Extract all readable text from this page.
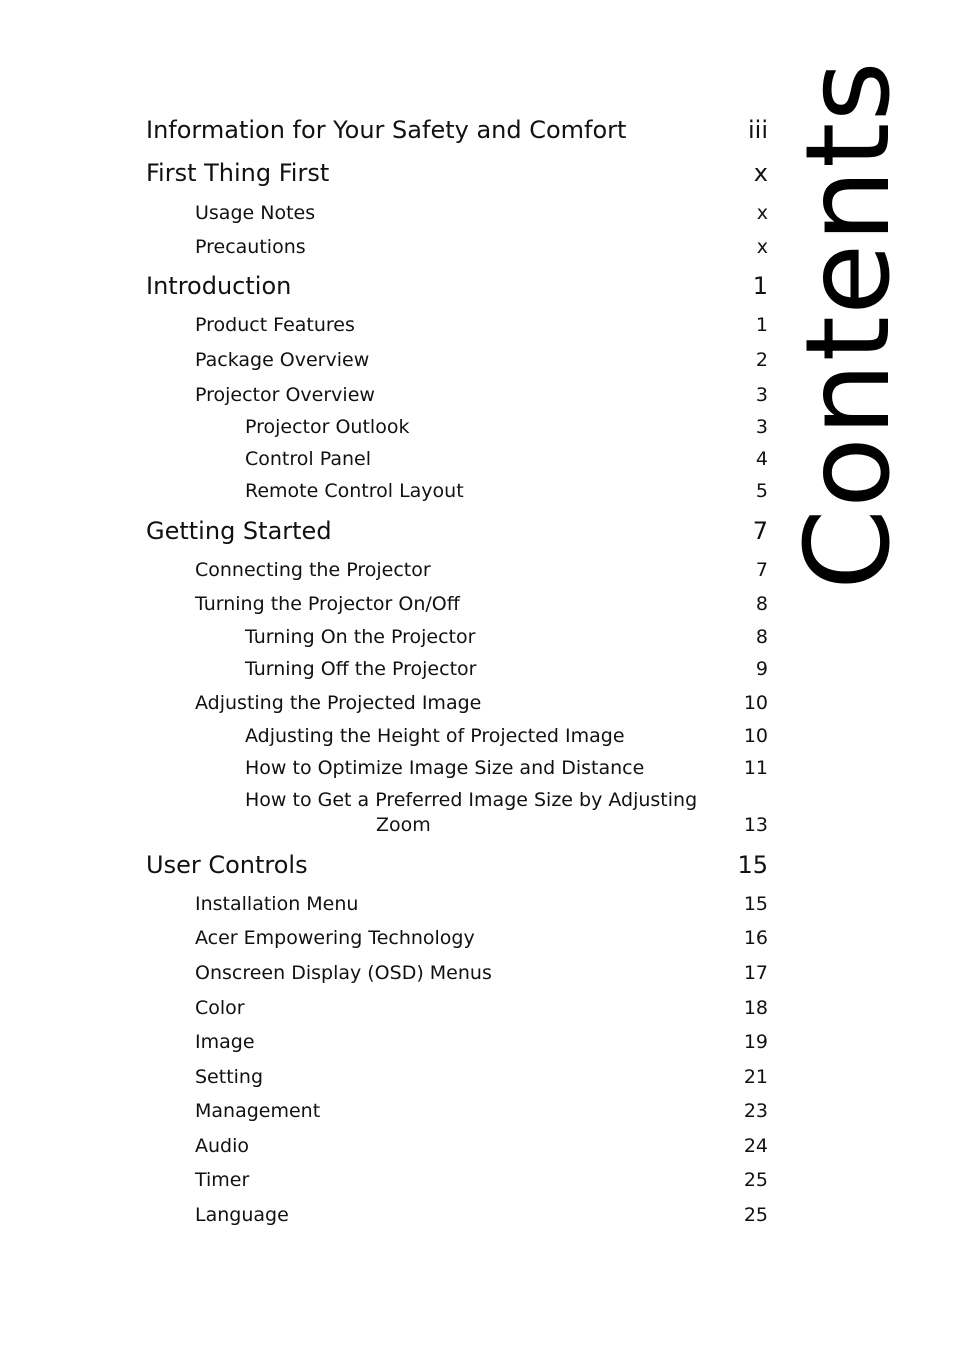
Information for Your Safety and Comfort	iii
First Thing First	x
Usage Notes	x
Precautions	x
Introduction	1
Product Features	1
Package Overview	2
Projector Overview	3
Projector Outlook	3
Control Panel	4
Remote Control Layout	5
Getting Started	7
Connecting the Projector	7
Turning the Projector On/Off	8
Turning On the Projector	8
Turning Off the Projector	9
Adjusting the Projected Image	10
Adjusting the Height of Projected Image	10
How to Optimize Image Size and Distance	11
How to Get a Preferred Image Size by Adjusting
Zoom	13
User Controls	15
Installation Menu	15
Acer Empowering Technology	16
Onscreen Display (OSD) Menus	17
Color	18
Image	19
Setting	21
Management	23
Audio	24
Timer	25
Language	25
Contents
